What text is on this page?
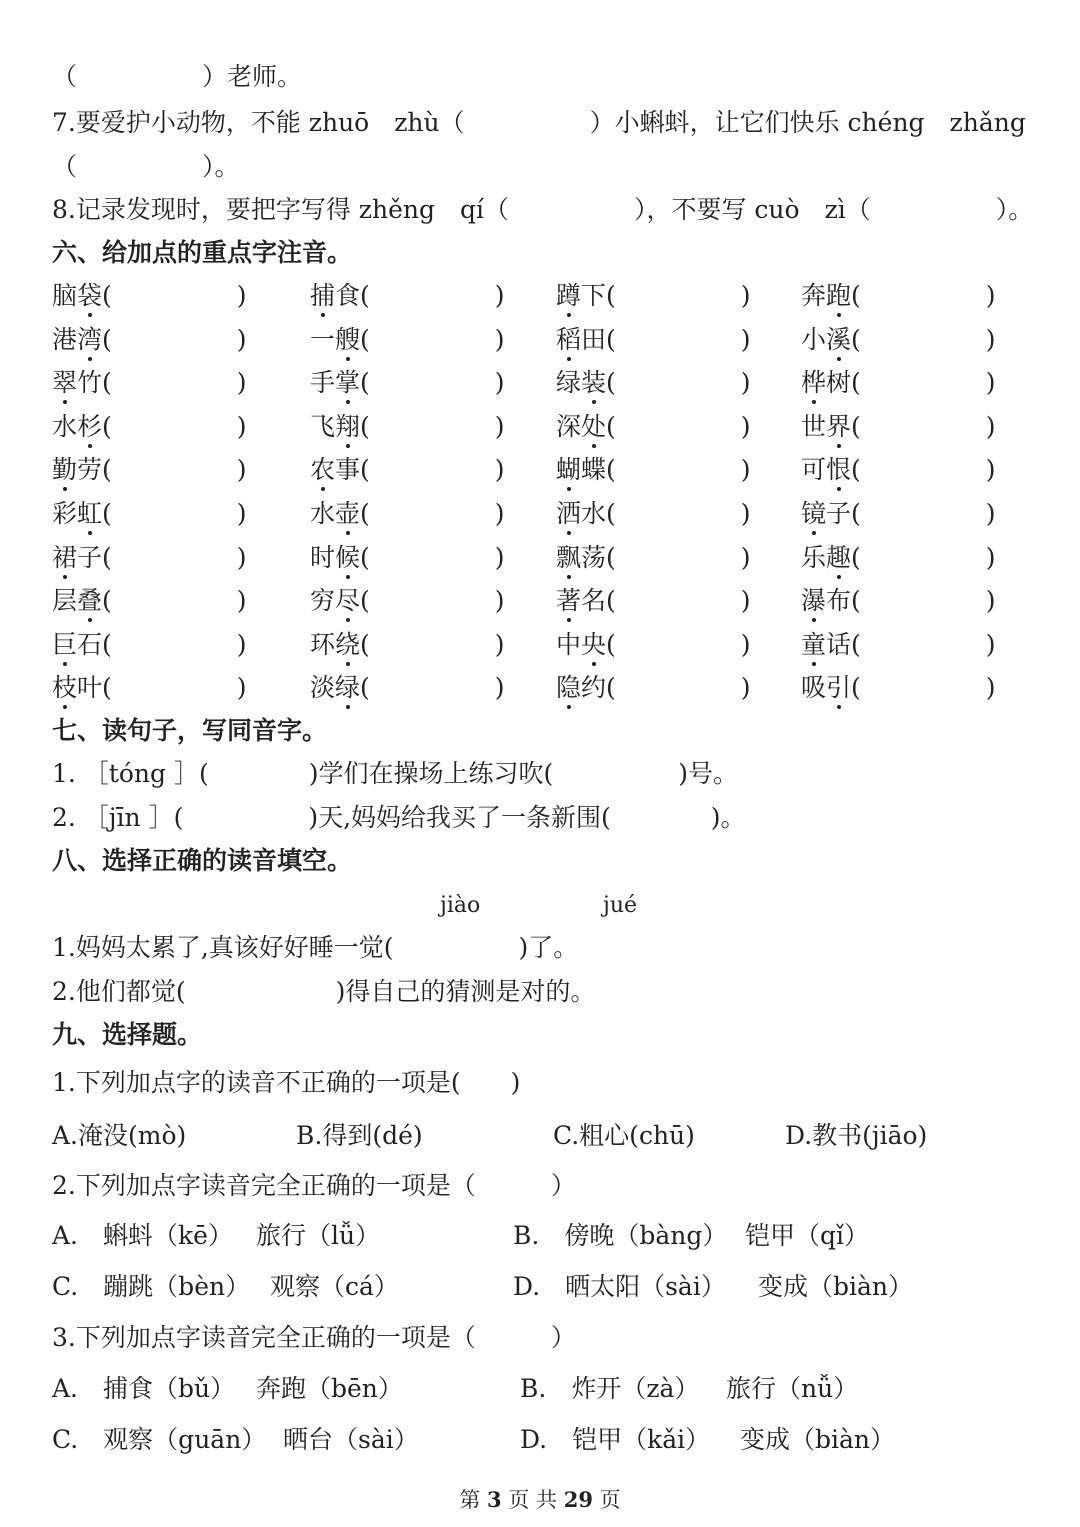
（　　　　　）老师。
7.要爱护小动物，不能 zhuō　zhù（　　　　　）小蝌蚪，让它们快乐 chéng　zhǎng
（　　　　　）。
8.记录发现时，要把字写得 zhěng　qí（　　　　　），不要写 cuò　zì（　　　　　）。
六、给加点的重点字注音。
脑袋(　　　　　)	捕食(　　　　　) 蹲下(　　　　　) 奔跑(　　　　　)
港湾(　　　　　)	一艘(　　　　　) 稻田(　　　　　) 小溪(　　　　　)
翠竹(　　　　　)	手掌(　　　　　) 绿装(　　　　　) 桦树(　　　　　)
水杉(　　　　　)	飞翔(　　　　　) 深处(　　　　　) 世界(　　　　　)
勤劳(　　　　　)	农事(　　　　　) 蝴蝶(　　　　　) 可恨(　　　　　)
彩虹(　　　　　)	水壶(　　　　　) 洒水(　　　　　) 镜子(　　　　　)
裙子(　　　　　)	时候(　　　　　) 飘荡(　　　　　) 乐趣(　　　　　)
层叠(　　　　　)	穷尽(　　　　　) 著名(　　　　　) 瀑布(　　　　　)
巨石(　　　　　)	环绕(　　　　　) 中央(　　　　　) 童话(　　　　　)
枝叶(　　　　　)	淡绿(　　　　　) 隐约(　　　　　) 吸引(　　　　　)
七、读句子，写同音字。
1. ［tóng ］(　　　　)学们在操场上练习吹(　　　　　)号。
2. ［jīn ］(　　　　　)天,妈妈给我买了一条新围(　　　　)。
八、选择正确的读音填空。
jiào	jué
1.妈妈太累了,真该好好睡一觉(　　　　　)了。
2.他们都觉(　　　　　　)得自己的猜测是对的。
九、选择题。
1.下列加点字的读音不正确的一项是(　　)
A.淹没(mò)	B.得到(dé)	C.粗心(chū)	D.教书(jiāo)
2.下列加点字读音完全正确的一项是（　　　）
A.　蝌蚪（kē） 旅行（lǚ）	B.　傍晚（bàng） 铠甲（qǐ）
C.　蹦跳（bèn） 观察（cá）	D.　晒太阳（sài） 变成（biàn）
3.下列加点字读音完全正确的一项是（　　　）
A.　捕食（bǔ） 奔跑（bēn）	B.　炸开（zà） 旅行（nǚ）
C.　观察（guān） 晒台（sài）	D.　铠甲（kǎi） 变成（biàn）
第 3 页 共 29 页
